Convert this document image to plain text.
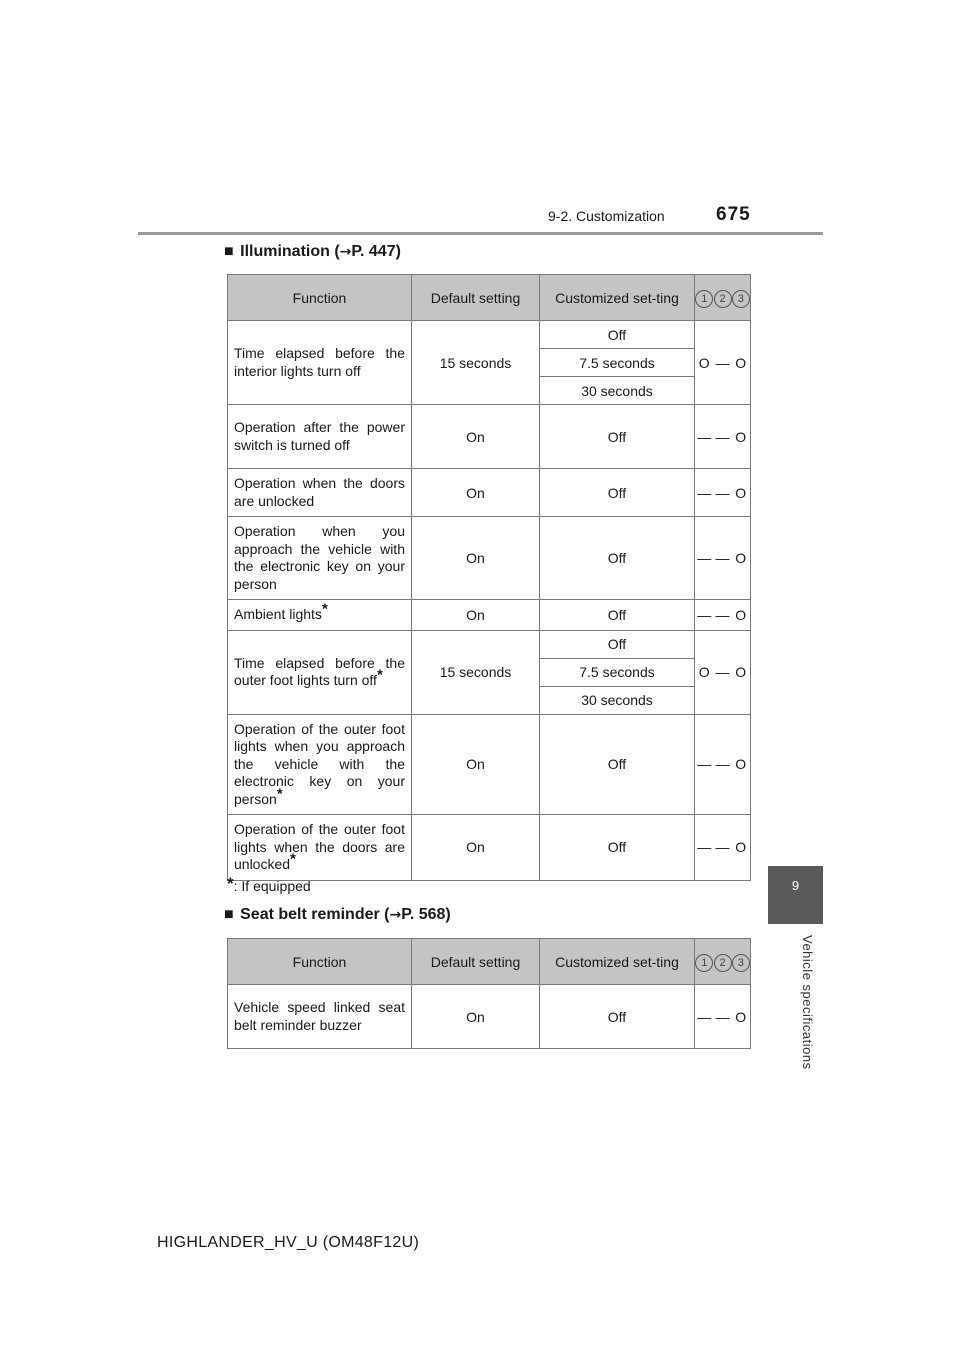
9-2. Customization	675
9
Vehicle specifications
■ Illumination (→P. 447)
Function	Default setting	Customized set-ting	1	2	3
Time elapsed before the interior lights turn off	15 seconds	Off	O	—	O
		7.5 seconds			
		30 seconds			
Operation after the power switch is turned off	On	Off	—	—	O
Operation when the doors are unlocked	On	Off	—	—	O
Operation when you approach the vehicle with the electronic key on your person	On	Off	—	—	O
Ambient lights*	On	Off	—	—	O
Time elapsed before the outer foot lights turn off*	15 seconds	Off	O	—	O
		7.5 seconds			
		30 seconds			
Operation of the outer foot lights when you approach the vehicle with the electronic key on your person*	On	Off	—	—	O
Operation of the outer foot lights when the doors are unlocked*	On	Off	—	—	O
*: If equipped
■ Seat belt reminder (→P. 568)
Function	Default setting	Customized set-ting	1	2	3
Vehicle speed linked seat belt reminder buzzer	On	Off	—	—	O
HIGHLANDER_HV_U (OM48F12U)
